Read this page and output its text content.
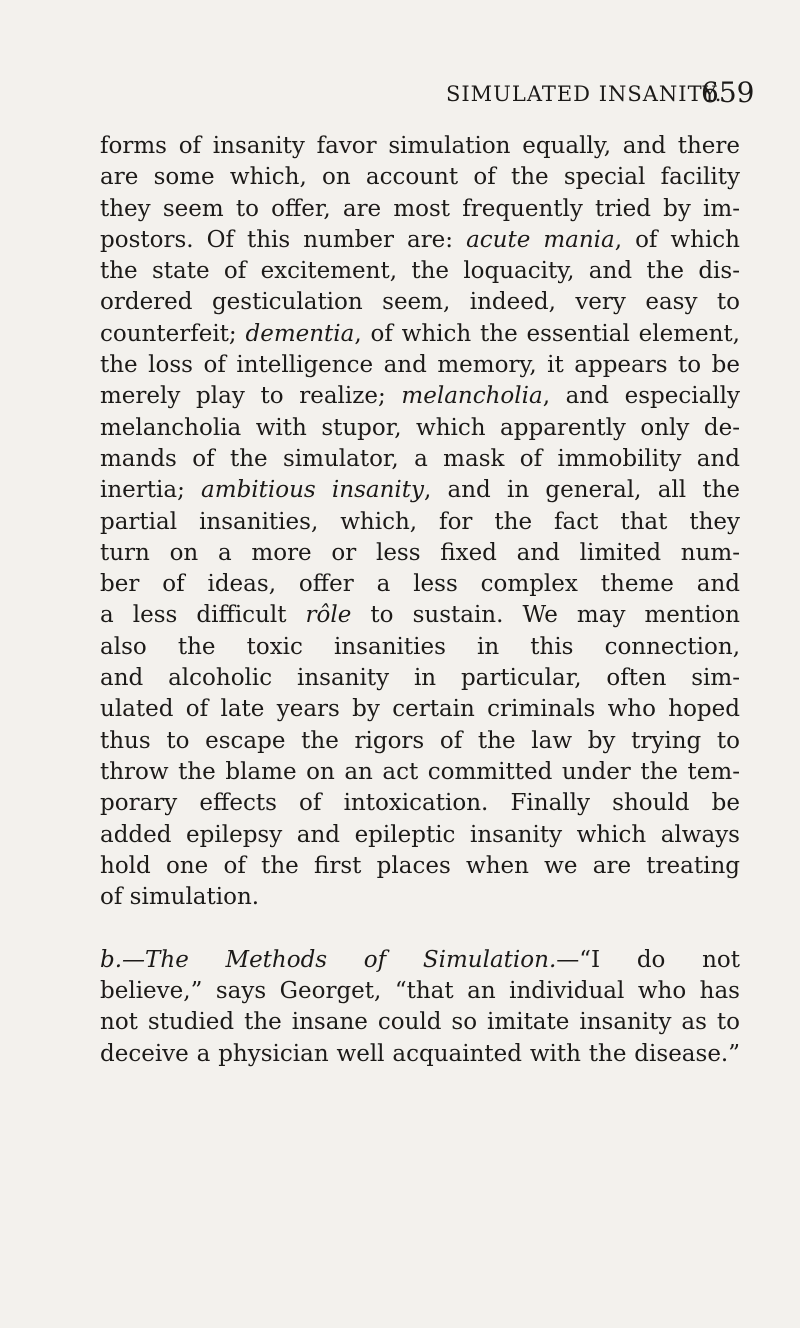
SIMULATED INSANITY.
659
forms of insanity favor simulation equally, and there
are some which, on account of the special facility
they seem to offer, are most frequently tried by im-
postors. Of this number are: acute mania, of which
the state of excitement, the loquacity, and the dis-
ordered gesticulation seem, indeed, very easy to
counterfeit; dementia, of which the essential element,
the loss of intelligence and memory, it appears to be
merely play to realize; melancholia, and especially
melancholia with stupor, which apparently only de-
mands of the simulator, a mask of immobility and
inertia; ambitious insanity, and in general, all the
partial insanities, which, for the fact that they
turn on a more or less fixed and limited num-
ber of ideas, offer a less complex theme and
a less difficult rôle to sustain. We may mention
also the toxic insanities in this connection,
and alcoholic insanity in particular, often sim-
ulated of late years by certain criminals who hoped
thus to escape the rigors of the law by trying to
throw the blame on an act committed under the tem-
porary effects of intoxication. Finally should be
added epilepsy and epileptic insanity which always
hold one of the first places when we are treating
of simulation.
b.—The Methods of Simulation.—“I do not
believe,” says Georget, “that an individual who has
not studied the insane could so imitate insanity as to
deceive a physician well acquainted with the disease.”
